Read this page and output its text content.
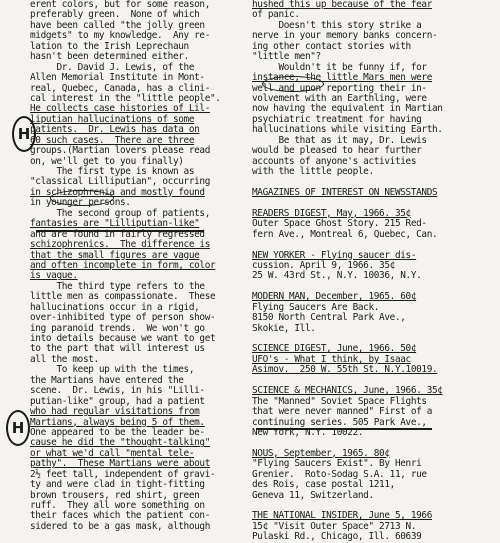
H
H
erent colors, but for some reason,
preferably green.  None of which
have been called "the jolly green
midgets" to my knowledge.  Any re-
lation to the Irish Leprechaun
hasn't been determined either.
Dr. David J. Lewis, of the
Allen Memorial Institute in Mont-
real, Quebec, Canada, has a clini-
cal interest in the "little people".
He collects case histories of Lil-
liputian hallucinations of some
patients.  Dr. Lewis has data on
60 such cases.  There are three
groups.(Martian lovers please read
on, we'll get to you finally)
The first type is known as
"classical Lilliputian", occurring
in schizophrenia and mostly found
in younger persons.
The second group of patients,
fantasies are "Lilliputian-like"
and are found in fairly regressed
schizophrenics.  The difference is
that the small figures are vague
and often incomplete in form, color
is vague.
The third type refers to the
little men as compassionate.  These
hallucinations occur in a rigid,
over-inhibited type of person show-
ing paranoid trends.  We won't go
into details because we want to get
to the part that will interest us
all the most.
To keep up with the times,
the Martians have entered the
scene.  Dr. Lewis, in his "Lilli-
putian-like" group, had a patient
who had regular visitations from
Martians, always being 5 of them.
One appeared to be the leader be-
cause he did the "thought-talking"
or what we'd call "mental tele-
pathy".  These Martians were about
2½ feet tall, independent of gravi-
ty and were clad in tight-fitting
brown trousers, red shirt, green
ruff.  They all wore something on
their faces which the patient con-
sidered to be a gas mask, although
hushed this up because of the fear
of panic.
Doesn't this story strike a
nerve in your memory banks concern-
ing other contact stories with
"little men"?
Wouldn't it be funny if, for
instance, the little Mars men were
well and upon reporting their in-
volvement with an Earthling, were
now having the equivalent in Martian
psychiatric treatment for having
hallucinations while visiting Earth.
Be that as it may, Dr. Lewis
would be pleased to hear further
accounts of anyone's activities
with the little people.
MAGAZINES OF INTEREST ON NEWSSTANDS
READERS DIGEST, May, 1966. 35¢
Outer Space Ghost Story. 215 Red-
fern Ave., Montreal 6, Quebec, Can.
NEW YORKER - Flying saucer dis-
cussion. April 9, 1966. 35¢
25 W. 43rd St., N.Y. 10036, N.Y.
MODERN MAN, December, 1965. 60¢
Flying Saucers Are Back.
8150 North Central Park Ave.,
Skokie, Ill.
SCIENCE DIGEST, June, 1966. 50¢
UFO's - What I think, by Isaac
Asimov.  250 W. 55th St. N.Y.10019.
SCIENCE & MECHANICS, June, 1966. 35¢
The "Manned" Soviet Space Flights
that were never manned" First of a
continuing series. 505 Park Ave.,
New York, N.Y. 10022.
NOUS, September, 1965. 80¢
"Flying Saucers Exist". By Henri
Grenier.  Roto-Sodag S.A. 11, rue
des Rois, case postal 1211,
Geneva 11, Switzerland.
THE NATIONAL INSIDER, June 5, 1966
15¢ "Visit Outer Space" 2713 N.
Pulaski Rd., Chicago, Ill. 60639
